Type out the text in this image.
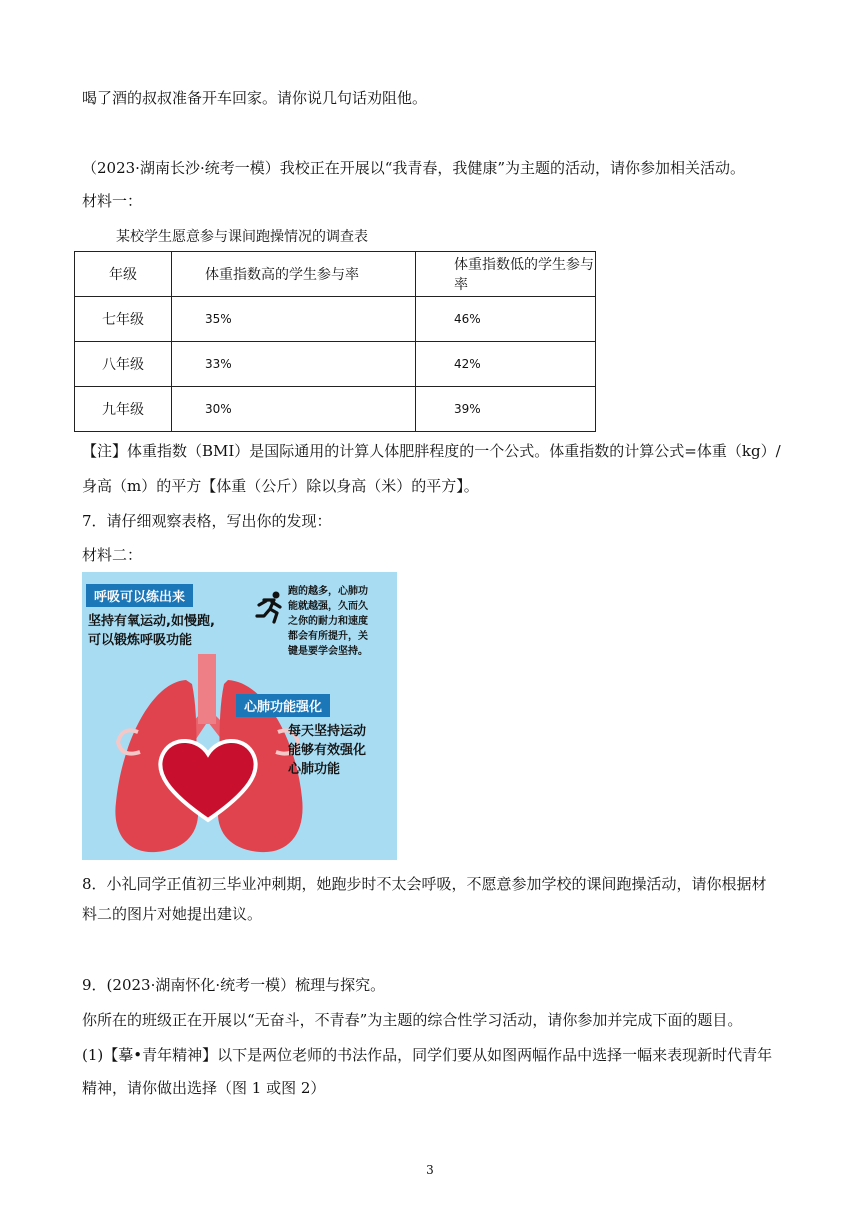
喝了酒的叔叔准备开车回家。请你说几句话劝阻他。
（2023·湖南长沙·统考一模）我校正在开展以“我青春，我健康”为主题的活动，请你参加相关活动。
材料一：
某校学生愿意参与课间跑操情况的调查表
年级	体重指数高的学生参与率	体重指数低的学生参与率
七年级	35%	46%
八年级	33%	42%
九年级	30%	39%
【注】体重指数（BMI）是国际通用的计算人体肥胖程度的一个公式。体重指数的计算公式=体重（kg）/
身高（m）的平方【体重（公斤）除以身高（米）的平方】。
7．请仔细观察表格，写出你的发现：
材料二：
呼吸可以练出来
坚持有氧运动,如慢跑,
可以锻炼呼吸功能
跑的越多，心肺功
能就越强，久而久
之你的耐力和速度
都会有所提升，关
键是要学会坚持。
心肺功能强化
每天坚持运动
能够有效强化
心肺功能
8．小礼同学正值初三毕业冲刺期，她跑步时不太会呼吸，不愿意参加学校的课间跑操活动，请你根据材
料二的图片对她提出建议。
9．(2023·湖南怀化·统考一模）梳理与探究。
你所在的班级正在开展以“无奋斗，不青春”为主题的综合性学习活动，请你参加并完成下面的题目。
(1)【摹•青年精神】以下是两位老师的书法作品，同学们要从如图两幅作品中选择一幅来表现新时代青年
精神，请你做出选择（图 1 或图 2）
3
